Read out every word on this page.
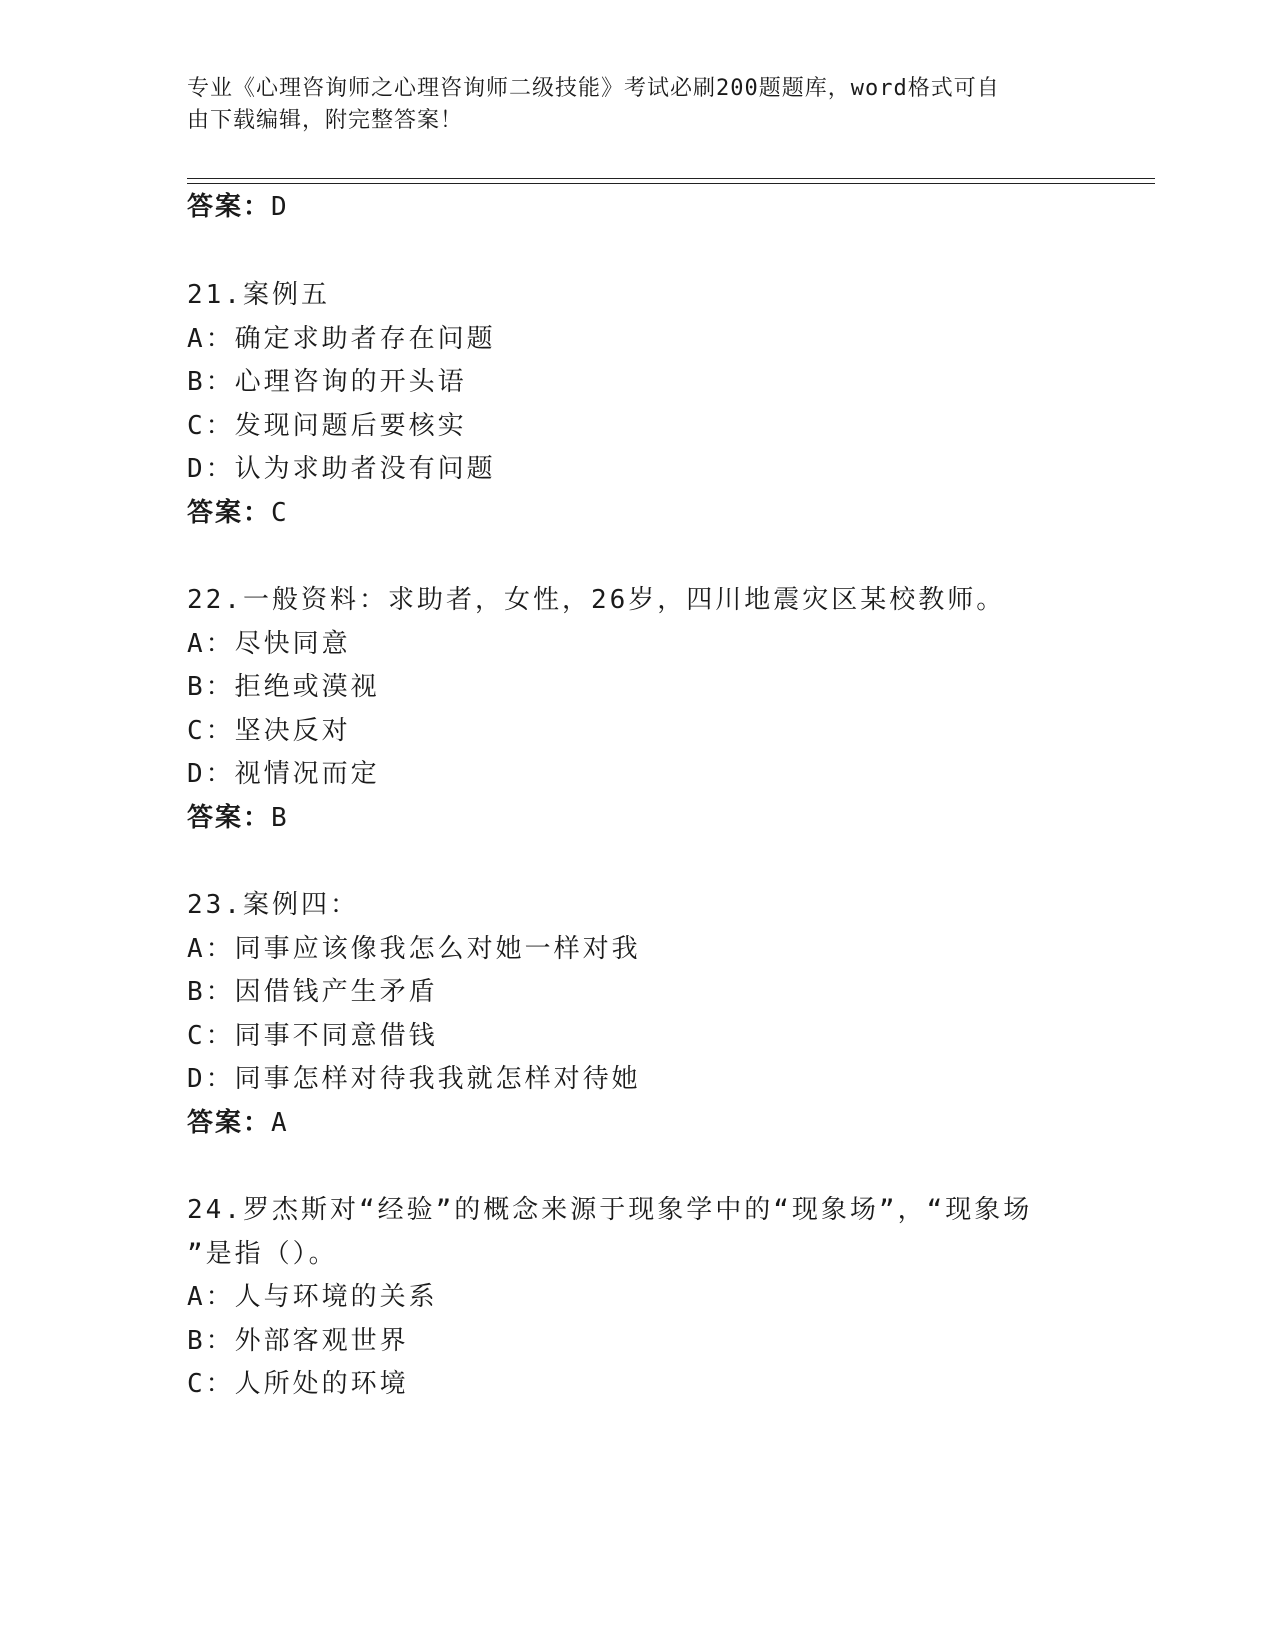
专业《心理咨询师之心理咨询师二级技能》考试必刷200题题库，word格式可自
由下载编辑，附完整答案！
答案：D
21.案例五
A：确定求助者存在问题
B：心理咨询的开头语
C：发现问题后要核实
D：认为求助者没有问题
答案：C
22.一般资料：求助者，女性，26岁，四川地震灾区某校教师。
A：尽快同意
B：拒绝或漠视
C：坚决反对
D：视情况而定
答案：B
23.案例四：
A：同事应该像我怎么对她一样对我
B：因借钱产生矛盾
C：同事不同意借钱
D：同事怎样对待我我就怎样对待她
答案：A
24.罗杰斯对“经验”的概念来源于现象学中的“现象场”，“现象场
”是指（）。
A：人与环境的关系
B：外部客观世界
C：人所处的环境
